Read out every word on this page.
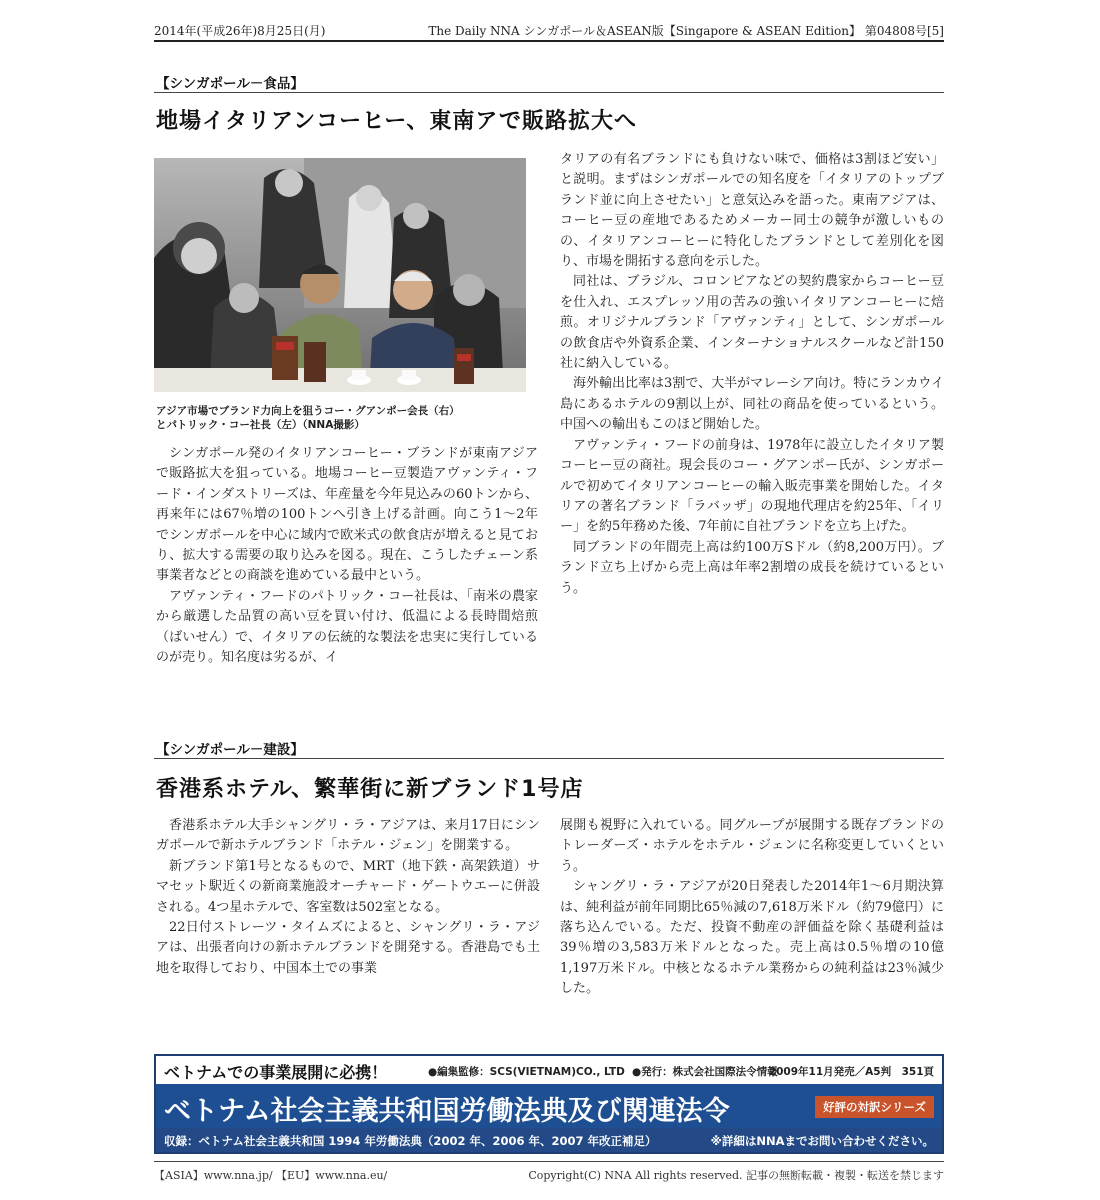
2014年(平成26年)8月25日(月)	The Daily NNA シンガポール＆ASEAN版【Singapore & ASEAN Edition】 第04808号[5]
【シンガポール－食品】
地場イタリアンコーヒー、東南アで販路拡大へ
アジア市場でブランド力向上を狙うコー・グアンポー会長（右）
とパトリック・コー社長（左）（NNA撮影）

シンガポール発のイタリアンコーヒー・ブランドが東南アジアで販路拡大を狙っている。地場コーヒー豆製造アヴァンティ・フード・インダストリーズは、年産量を今年見込みの60トンから、再来年には67％増の100トンへ引き上げる計画。向こう1～2年でシンガポールを中心に域内で欧米式の飲食店が増えると見ており、拡大する需要の取り込みを図る。現在、こうしたチェーン系事業者などとの商談を進めている最中という。

アヴァンティ・フードのパトリック・コー社長は、「南米の農家から厳選した品質の高い豆を買い付け、低温による長時間焙煎（ばいせん）で、イタリアの伝統的な製法を忠実に実行しているのが売り。知名度は劣るが、イ

タリアの有名ブランドにも負けない味で、価格は3割ほど安い」と説明。まずはシンガポールでの知名度を「イタリアのトップブランド並に向上させたい」と意気込みを語った。東南アジアは、コーヒー豆の産地であるためメーカー同士の競争が激しいものの、イタリアンコーヒーに特化したブランドとして差別化を図り、市場を開拓する意向を示した。

同社は、ブラジル、コロンビアなどの契約農家からコーヒー豆を仕入れ、エスプレッソ用の苦みの強いイタリアンコーヒーに焙煎。オリジナルブランド「アヴァンティ」として、シンガポールの飲食店や外資系企業、インターナショナルスクールなど計150社に納入している。

海外輸出比率は3割で、大半がマレーシア向け。特にランカウイ島にあるホテルの9割以上が、同社の商品を使っているという。中国への輸出もこのほど開始した。

アヴァンティ・フードの前身は、1978年に設立したイタリア製コーヒー豆の商社。現会長のコー・グアンポー氏が、シンガポールで初めてイタリアンコーヒーの輸入販売事業を開始した。イタリアの著名ブランド「ラバッザ」の現地代理店を約25年、「イリー」を約5年務めた後、7年前に自社ブランドを立ち上げた。

同ブランドの年間売上高は約100万Sドル（約8,200万円）。ブランド立ち上げから売上高は年率2割増の成長を続けているという。

【シンガポール－建設】
香港系ホテル、繁華街に新ブランド1号店

香港系ホテル大手シャングリ・ラ・アジアは、来月17日にシンガポールで新ホテルブランド「ホテル・ジェン」を開業する。

新ブランド第1号となるもので、MRT（地下鉄・高架鉄道）サマセット駅近くの新商業施設オーチャード・ゲートウエーに併設される。4つ星ホテルで、客室数は502室となる。

22日付ストレーツ・タイムズによると、シャングリ・ラ・アジアは、出張者向けの新ホテルブランドを開発する。香港島でも土地を取得しており、中国本土での事業

展開も視野に入れている。同グループが展開する既存ブランドのトレーダーズ・ホテルをホテル・ジェンに名称変更していくという。

シャングリ・ラ・アジアが20日発表した2014年1～6月期決算は、純利益が前年同期比65％減の7,618万米ドル（約79億円）に落ち込んでいる。ただ、投資不動産の評価益を除く基礎利益は39％増の3,583万米ドルとなった。売上高は0.5％増の10億1,197万米ドル。中核となるホテル業務からの純利益は23％減少した。

ベトナムでの事業展開に必携！	●編集監修：SCS(VIETNAM)CO., LTD ●発行：株式会社国際法令情報
2009年11月発売／A5判　351頁
ベトナム社会主義共和国労働法典及び関連法令	好評の対訳シリーズ
収録：ベトナム社会主義共和国 1994 年労働法典（2002 年、2006 年、2007 年改正補足）	※詳細はNNAまでお問い合わせください。
【ASIA】www.nna.jp/ 【EU】www.nna.eu/	Copyright(C) NNA All rights reserved. 記事の無断転載・複製・転送を禁じます
